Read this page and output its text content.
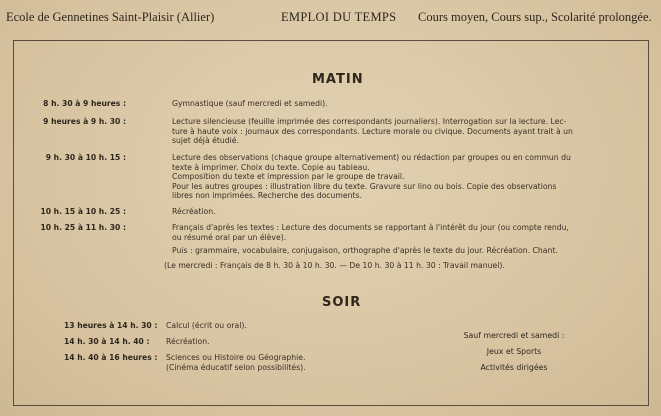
Ecole de Gennetines Saint-Plaisir (Allier)	EMPLOI DU TEMPS Cours moyen, Cours sup., Scolarité prolongée.
MATIN
8 h. 30 à 9 heures :	Gymnastique (sauf mercredi et samedi).
9 heures à 9 h. 30 :	Lecture silencieuse (feuille imprimée des correspondants journaliers). Interrogation sur la lecture. Lec-
ture à haute voix : journaux des correspondants. Lecture morale ou civique. Documents ayant trait à un
sujet déjà étudié.
9 h. 30 à 10 h. 15 :	Lecture des observations (chaque groupe alternativement) ou rédaction par groupes ou en commun du
texte à imprimer. Choix du texte. Copie au tableau.
Composition du texte et impression par le groupe de travail.
Pour les autres groupes : illustration libre du texte. Gravure sur lino ou bois. Copie des observations
libres non imprimées. Recherche des documents.
10 h. 15 à 10 h. 25 :	Récréation.
10 h. 25 à 11 h. 30 :	Français d'après les textes : Lecture des documents se rapportant à l'intérêt du jour (ou compte rendu,
ou résumé oral par un élève).
Puis : grammaire, vocabulaire, conjugaison, orthographe d'après le texte du jour. Récréation. Chant.
(Le mercredi : Français de 8 h. 30 à 10 h. 30. — De 10 h. 30 à 11 h. 30 : Travail manuel).
SOIR
13 heures à 14 h. 30 : Calcul (écrit ou oral).
14 h. 30 à 14 h. 40 : Récréation.
14 h. 40 à 16 heures : Sciences ou Histoire ou Géographie.
(Cinéma éducatif selon possibilités).
Sauf mercredi et samedi :
Jeux et Sports
Activités dirigées
